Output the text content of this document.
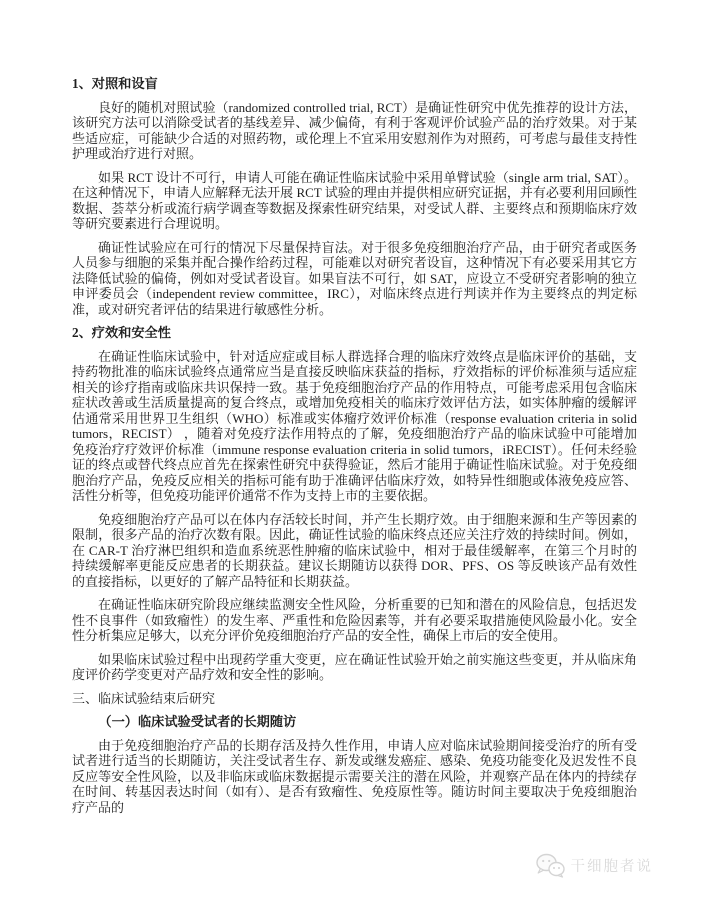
1、对照和设盲

良好的随机对照试验（randomized controlled trial, RCT）是确证性研究中优先推荐的设计方法，该研究方法可以消除受试者的基线差异、减少偏倚，有利于客观评价试验产品的治疗效果。对于某些适应症，可能缺少合适的对照药物，或伦理上不宜采用安慰剂作为对照药，可考虑与最佳支持性护理或治疗进行对照。

如果 RCT 设计不可行，申请人可能在确证性临床试验中采用单臂试验（single arm trial, SAT）。在这种情况下，申请人应解释无法开展 RCT 试验的理由并提供相应研究证据，并有必要利用回顾性数据、荟萃分析或流行病学调查等数据及探索性研究结果，对受试人群、主要终点和预期临床疗效等研究要素进行合理说明。

确证性试验应在可行的情况下尽量保持盲法。对于很多免疫细胞治疗产品，由于研究者或医务人员参与细胞的采集并配合操作给药过程，可能难以对研究者设盲，这种情况下有必要采用其它方法降低试验的偏倚，例如对受试者设盲。如果盲法不可行，如 SAT，应设立不受研究者影响的独立申评委员会（independent review committee，IRC），对临床终点进行判读并作为主要终点的判定标准，或对研究者评估的结果进行敏感性分析。

2、疗效和安全性

在确证性临床试验中，针对适应症或目标人群选择合理的临床疗效终点是临床评价的基础，支持药物批准的临床试验终点通常应当是直接反映临床获益的指标，疗效指标的评价标准须与适应症相关的诊疗指南或临床共识保持一致。基于免疫细胞治疗产品的作用特点，可能考虑采用包含临床症状改善或生活质量提高的复合终点，或增加免疫相关的临床疗效评估方法，如实体肿瘤的缓解评估通常采用世界卫生组织（WHO）标准或实体瘤疗效评价标准（response evaluation criteria in solid tumors，RECIST） ，随着对免疫疗法作用特点的了解，免疫细胞治疗产品的临床试验中可能增加免疫治疗疗效评价标准（immune response evaluation criteria in solid tumors，iRECIST）。任何未经验证的终点或替代终点应首先在探索性研究中获得验证，然后才能用于确证性临床试验。对于免疫细胞治疗产品，免疫反应相关的指标可能有助于准确评估临床疗效，如特异性细胞或体液免疫应答、活性分析等，但免疫功能评价通常不作为支持上市的主要依据。

免疫细胞治疗产品可以在体内存活较长时间，并产生长期疗效。由于细胞来源和生产等因素的限制，很多产品的治疗次数有限。因此，确证性试验的临床终点还应关注疗效的持续时间。例如，在 CAR-T 治疗淋巴组织和造血系统恶性肿瘤的临床试验中，相对于最佳缓解率，在第三个月时的持续缓解率更能反应患者的长期获益。建议长期随访以获得 DOR、PFS、OS 等反映该产品有效性的直接指标，以更好的了解产品特征和长期获益。

在确证性临床研究阶段应继续监测安全性风险，分析重要的已知和潜在的风险信息，包括迟发性不良事件（如致瘤性）的发生率、严重性和危险因素等，并有必要采取措施使风险最小化。安全性分析集应足够大，以充分评价免疫细胞治疗产品的安全性，确保上市后的安全使用。

如果临床试验过程中出现药学重大变更，应在确证性试验开始之前实施这些变更，并从临床角度评价药学变更对产品疗效和安全性的影响。

三、临床试验结束后研究

（一）临床试验受试者的长期随访

由于免疫细胞治疗产品的长期存活及持久性作用，申请人应对临床试验期间接受治疗的所有受试者进行适当的长期随访，关注受试者生存、新发或继发癌症、感染、免疫功能变化及迟发性不良反应等安全性风险，以及非临床或临床数据提示需要关注的潜在风险，并观察产品在体内的持续存在时间、转基因表达时间（如有）、是否有致瘤性、免疫原性等。随访时间主要取决于免疫细胞治疗产品的

干细胞者说
